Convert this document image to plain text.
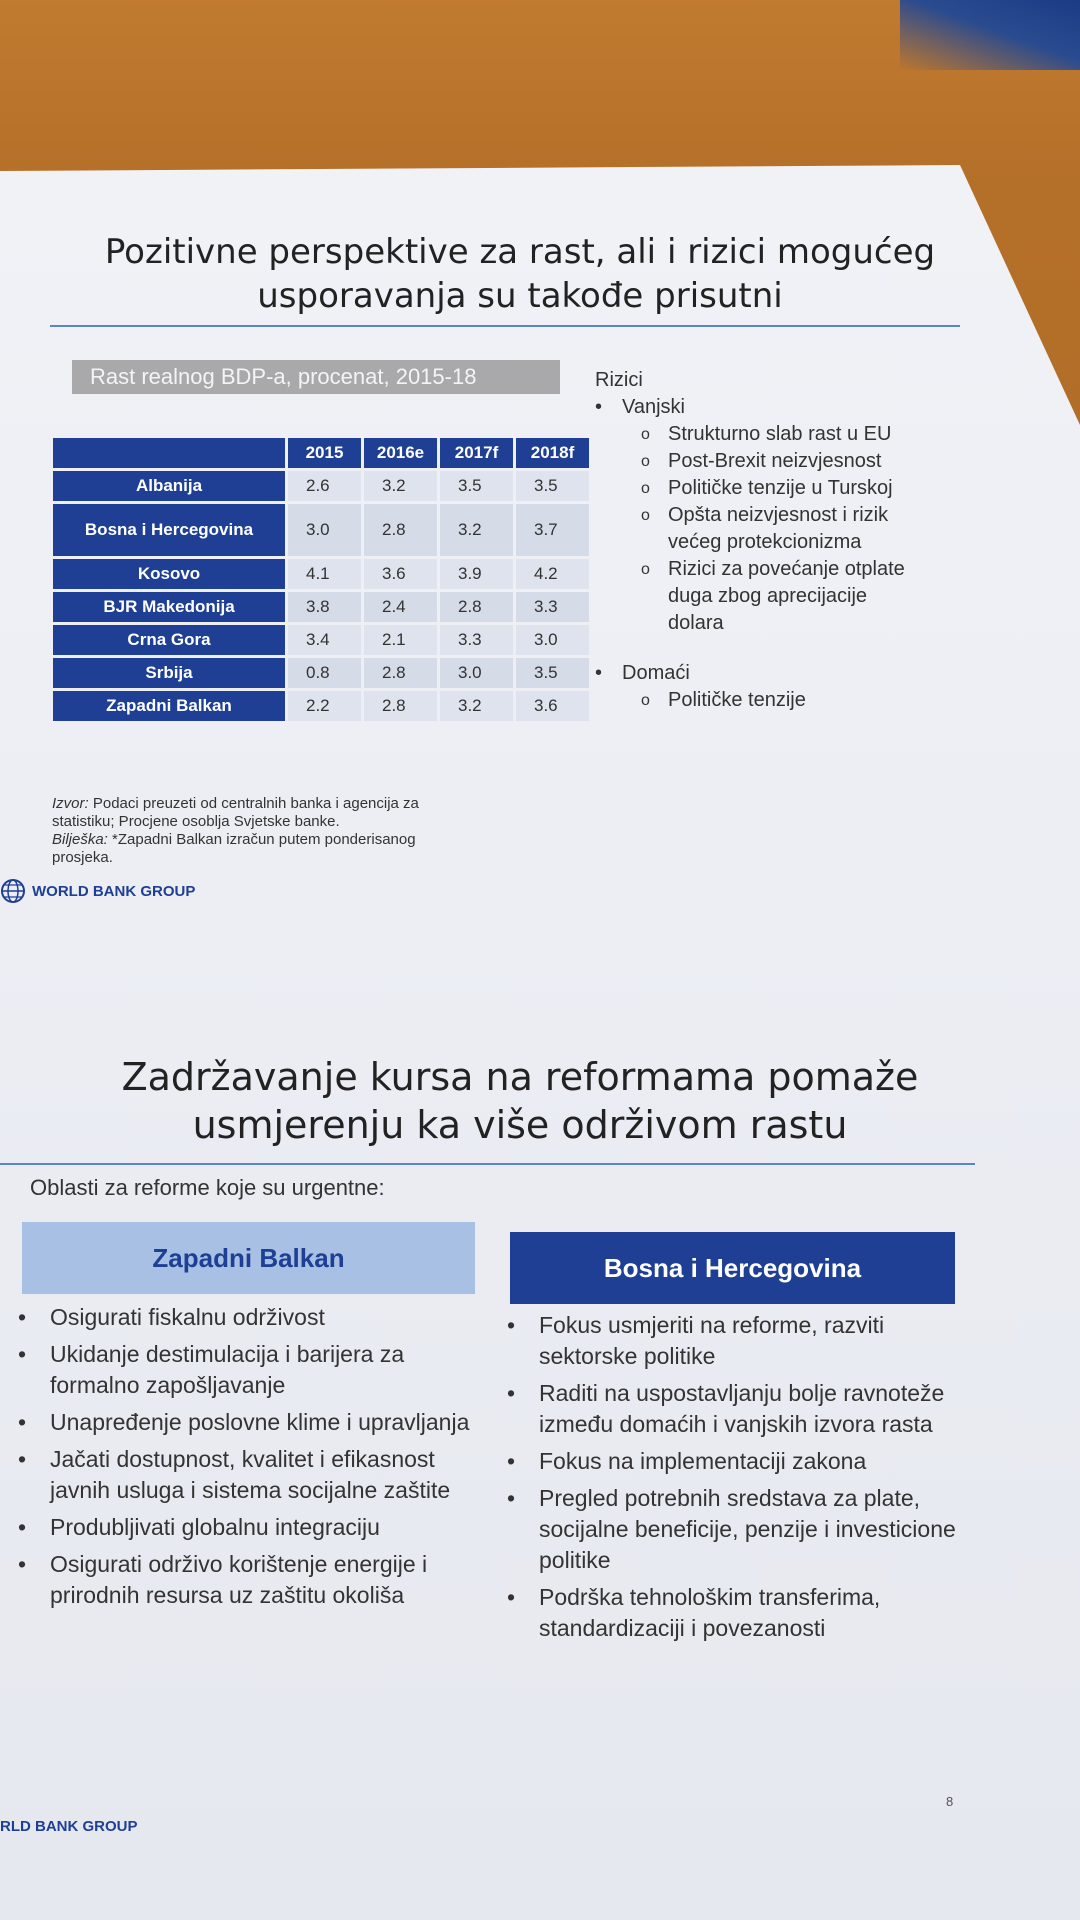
Pozitivne perspektive za rast, ali i rizici mogućeg
usporavanja su takođe prisutni
Rast realnog BDP-a, procenat, 2015-18
	2015	2016e	2017f	2018f
Albanija	2.6	3.2	3.5	3.5
Bosna i Hercegovina	3.0	2.8	3.2	3.7
Kosovo	4.1	3.6	3.9	4.2
BJR Makedonija	3.8	2.4	2.8	3.3
Crna Gora	3.4	2.1	3.3	3.0
Srbija	0.8	2.8	3.0	3.5
Zapadni Balkan	2.2	2.8	3.2	3.6
Izvor: Podaci preuzeti od centralnih banka i agencija za statistiku; Procjene osoblja Svjetske banke.
Bilješka: *Zapadni Balkan izračun putem ponderisanog prosjeka.
WORLD BANK GROUP
Rizici
• Vanjski
o Strukturno slab rast u EU
o Post-Brexit neizvjesnost
o Političke tenzije u Turskoj
o Opšta neizvjesnost i rizik
većeg protekcionizma
o Rizici za povećanje otplate
duga zbog aprecijacije
dolara
• Domaći
o Političke tenzije
Zadržavanje kursa na reformama pomaže
usmjerenju ka više održivom rastu
Oblasti za reforme koje su urgentne:
Zapadni Balkan	Bosna i Hercegovina
• Osigurati fiskalnu održivost
• Ukidanje destimulacija i barijera za formalno zapošljavanje
• Unapređenje poslovne klime i upravljanja
• Jačati dostupnost, kvalitet i efikasnost javnih usluga i sistema socijalne zaštite
• Produbljivati globalnu integraciju
• Osigurati održivo korištenje energije i prirodnih resursa uz zaštitu okoliša
• Fokus usmjeriti na reforme, razviti sektorske politike
• Raditi na uspostavljanju bolje ravnoteže između domaćih i vanjskih izvora rasta
• Fokus na implementaciji zakona
• Pregled potrebnih sredstava za plate, socijalne beneficije, penzije i investicione politike
• Podrška tehnološkim transferima, standardizaciji i povezanosti
8
RLD BANK GROUP
